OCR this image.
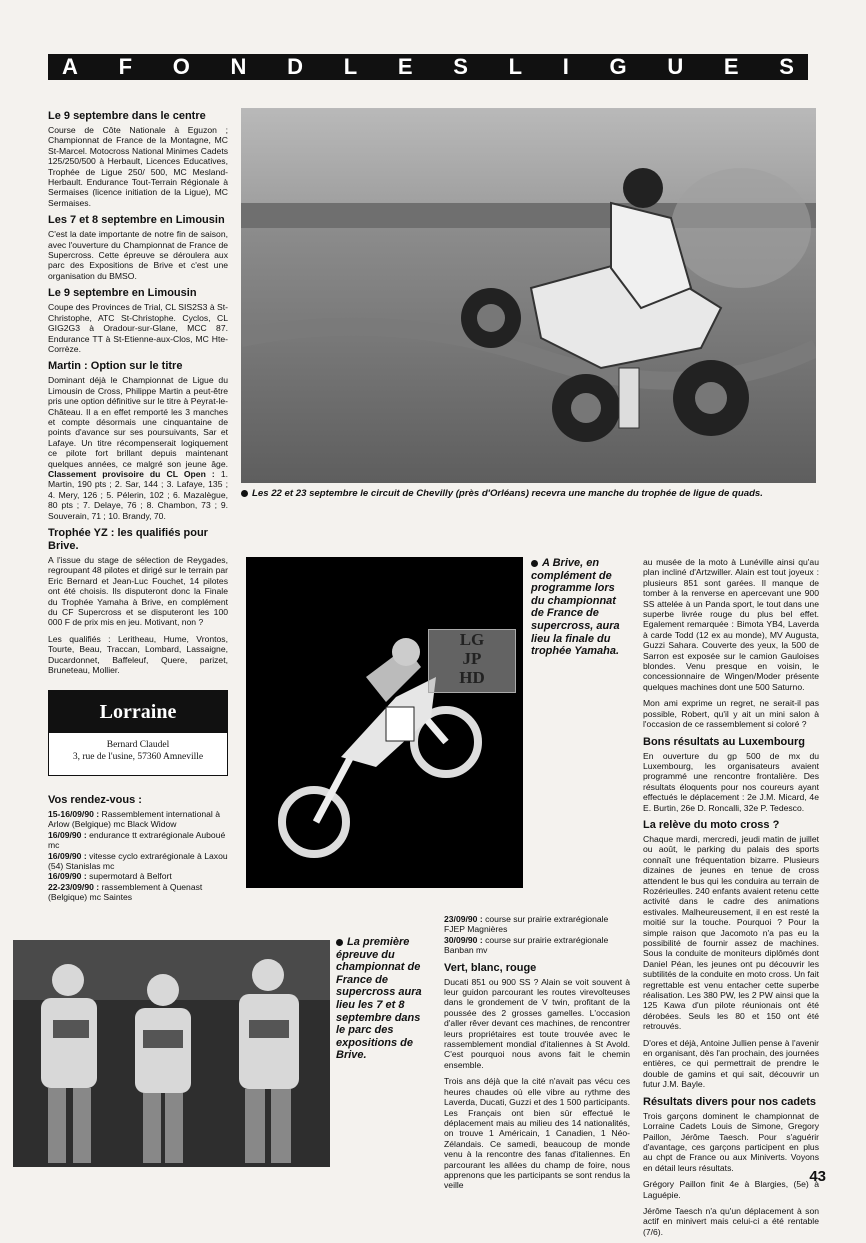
A F O N D L E S L I G U E S
Le 9 septembre dans le centre
Course de Côte Nationale à Eguzon ; Championnat de France de la Montagne, MC St-Marcel. Motocross National Minimes Cadets 125/250/500 à Herbault, Licences Educatives, Trophée de Ligue 250/ 500, MC Mesland-Herbault. Endurance Tout-Terrain Régionale à Sermaises (licence initiation de la Ligue), MC Sermaises.
Les 7 et 8 septembre en Limousin
C'est la date importante de notre fin de saison, avec l'ouverture du Championnat de France de Supercross. Cette épreuve se déroulera aux parc des Expositions de Brive et c'est une organisation du BMSO.
Le 9 septembre en Limousin
Coupe des Provinces de Trial, CL SIS2S3 à St-Christophe, ATC St-Christophe. Cyclos, CL GIG2G3 à Oradour-sur-Glane, MCC 87. Endurance TT à St-Etienne-aux-Clos, MC Hte-Corrèze.
Martin : Option sur le titre
Dominant déjà le Championnat de Ligue du Limousin de Cross, Philippe Martin a peut-être pris une option définitive sur le titre à Peyrat-le-Château. Il a en effet remporté les 3 manches et compte désormais une cinquantaine de points d'avance sur ses poursuivants, Sar et Lafaye. Un titre récompenserait logiquement ce pilote fort brillant depuis maintenant quelques années, ce malgré son jeune âge. Classement provisoire du CL Open : 1. Martin, 190 pts ; 2. Sar, 144 ; 3. Lafaye, 135 ; 4. Mery, 126 ; 5. Pélerin, 102 ; 6. Mazalègue, 80 pts ; 7. Delaye, 76 ; 8. Chambon, 73 ; 9. Souverain, 71 ; 10. Brandy, 70.
Trophée YZ : les qualifiés pour Brive.
A l'issue du stage de sélection de Reygades, regroupant 48 pilotes et dirigé sur le terrain par Eric Bernard et Jean-Luc Fouchet, 14 pilotes ont été choisis. Ils disputeront donc la Finale du Trophée Yamaha à Brive, en complément du CF Supercross et se disputeront les 100 000 F de prix mis en jeu. Motivant, non ?
Les qualifiés : Leritheau, Hume, Vrontos, Tourte, Beau, Traccan, Lombard, Lassaigne, Ducardonnet, Baffeleuf, Quere, parizet, Bruneteau, Mollier.
Les 22 et 23 septembre le circuit de Chevilly (près d'Orléans) recevra une manche du trophée de ligue de quads.
LG
JP
HD
A Brive, en complément de programme lors du championnat de France de supercross, aura lieu la finale du trophée Yamaha.
Lorraine
Bernard Claudel
3, rue de l'usine, 57360 Amneville
Vos rendez-vous :
15-16/09/90 : Rassemblement international à Arlow (Belgique) mc Black Widow
16/09/90 : endurance tt extrarégionale Auboué mc
16/09/90 : vitesse cyclo extrarégionale à Laxou (54) Stanislas mc
16/09/90 : supermotard à Belfort
22-23/09/90 : rassemblement à Quenast (Belgique) mc Saintes
La première épreuve du championnat de France de supercross aura lieu les 7 et 8 septembre dans le parc des expositions de Brive.
23/09/90 : course sur prairie extrarégionale FJEP Magnières
30/09/90 : course sur prairie extrarégionale Banban mv
Vert, blanc, rouge
Ducati 851 ou 900 SS ? Alain se voit souvent à leur guidon parcourant les routes virevolteuses dans le grondement de V twin, profitant de la poussée des 2 grosses gamelles. L'occasion d'aller rêver devant ces machines, de rencontrer leurs propriétaires est toute trouvée avec le rassemblement mondial d'italiennes à St Avold. C'est pourquoi nous avons fait le chemin ensemble.
Trois ans déjà que la cité n'avait pas vécu ces heures chaudes où elle vibre au rythme des Laverda, Ducati, Guzzi et des 1 500 participants. Les Français ont bien sûr effectué le déplacement mais au milieu des 14 nationalités, on trouve 1 Américain, 1 Canadien, 1 Néo-Zélandais. Ce samedi, beaucoup de monde venu à la rencontre des fanas d'italiennes. En parcourant les allées du champ de foire, nous apprenons que les participants se sont rendus la veille
au musée de la moto à Lunéville ainsi qu'au plan incliné d'Artzwiller. Alain est tout joyeux : plusieurs 851 sont garées. Il manque de tomber à la renverse en apercevant une 900 SS attelée à un Panda sport, le tout dans une superbe livrée rouge du plus bel effet. Egalement remarquée : Bimota YB4, Laverda à carde Todd (12 ex au monde), MV Augusta, Guzzi Sahara. Couverte des yeux, la 500 de Sarron est exposée sur le camion Gauloises blondes. Venu presque en voisin, le concessionnaire de Wingen/Moder présente quelques machines dont une 500 Saturno.
Mon ami exprime un regret, ne serait-il pas possible, Robert, qu'il y ait un mini salon à l'occasion de ce rassemblement si coloré ?
Bons résultats au Luxembourg
En ouverture du gp 500 de mx du Luxembourg, les organisateurs avaient programmé une rencontre frontalière. Des résultats éloquents pour nos coureurs ayant effectués le déplacement : 2e J.M. Micard, 4e E. Burtin, 26e D. Roncalli, 32e P. Tedesco.
La relève du moto cross ?
Chaque mardi, mercredi, jeudi matin de juillet ou août, le parking du palais des sports connaît une fréquentation bizarre. Plusieurs dizaines de jeunes en tenue de cross attendent le bus qui les conduira au terrain de Rozérieulles. 240 enfants avaient retenu cette activité dans le cadre des animations estivales. Malheureusement, il en est resté la moitié sur la touche. Pourquoi ? Pour la simple raison que Jacomoto n'a pas eu la possibilité de fournir assez de machines. Sous la conduite de moniteurs diplômés dont Daniel Péan, les jeunes ont pu découvrir les subtilités de la conduite en moto cross. Un fait regrettable est venu entacher cette superbe réalisation. Les 380 PW, les 2 PW ainsi que la 125 Kawa d'un pilote réunionais ont été dérobées. Seuls les 80 et 150 ont été retrouvés.
D'ores et déjà, Antoine Jullien pense à l'avenir en organisant, dès l'an prochain, des journées entières, ce qui permettrait de prendre le double de gamins et qui sait, découvrir un futur J.M. Bayle.
Résultats divers pour nos cadets
Trois garçons dominent le championnat de Lorraine Cadets Louis de Simone, Gregory Paillon, Jérôme Taesch. Pour s'aguérir d'avantage, ces garçons participent en plus au chpt de France ou aux Miniverts. Voyons en détail leurs résultats.
Grégory Paillon finit 4e à Blargies, (5e) à Laguépie.
Jérôme Taesch n'a qu'un déplacement à son actif en minivert mais celui-ci a été rentable (7/6).
43
